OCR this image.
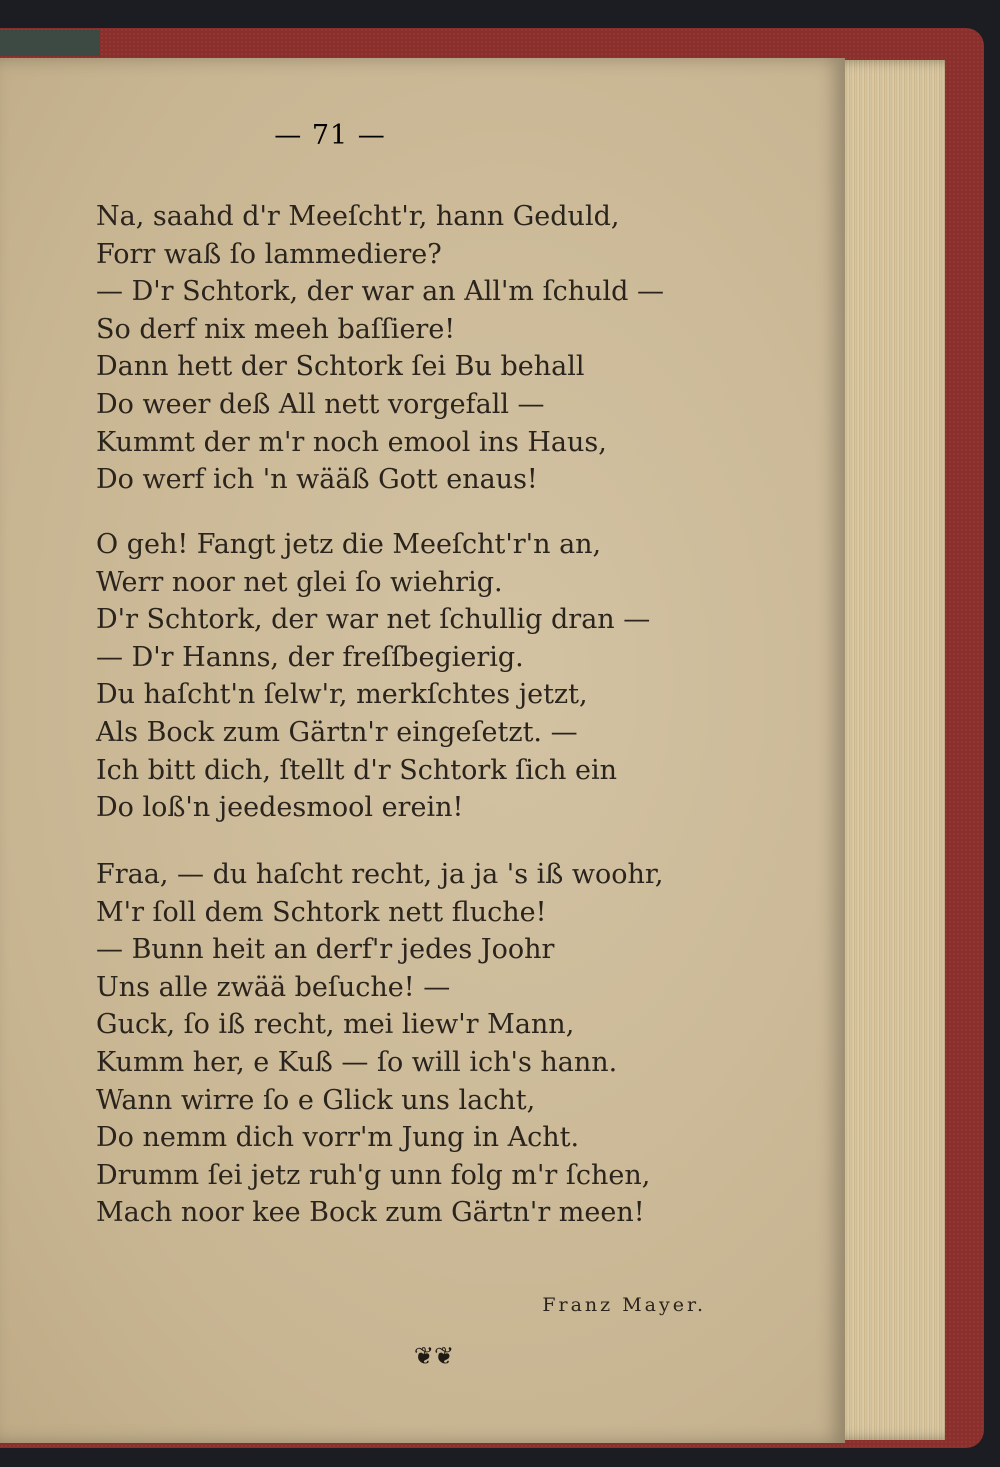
— 71 —
Na, saahd d'r Meeſcht'r, hann Geduld,
Forr waß ſo lammediere?
— D'r Schtork, der war an All'm ſchuld —
So derf nix meeh baſſiere!
Dann hett der Schtork ſei Bu behall
Do weer deß All nett vorgefall —
Kummt der m'r noch emool ins Haus,
Do werf ich 'n wääß Gott enaus!
O geh! Fangt jetz die Meeſcht'r'n an,
Werr noor net glei ſo wiehrig.
D'r Schtork, der war net ſchullig dran —
— D'r Hanns, der freſſbegierig.
Du haſcht'n ſelw'r, merkſchtes jetzt,
Als Bock zum Gärtn'r eingeſetzt. —
Ich bitt dich, ſtellt d'r Schtork ſich ein
Do loß'n jeedesmool erein!
Fraa, — du haſcht recht, ja ja 's iß woohr,
M'r ſoll dem Schtork nett fluche!
— Bunn heit an derf'r jedes Joohr
Uns alle zwää beſuche! —
Guck, ſo iß recht, mei liew'r Mann,
Kumm her, e Kuß — ſo will ich's hann.
Wann wirre ſo e Glick uns lacht,
Do nemm dich vorr'm Jung in Acht.
Drumm ſei jetz ruh'g unn folg m'r ſchen,
Mach noor kee Bock zum Gärtn'r meen!
Franz Mayer.
❦❦
